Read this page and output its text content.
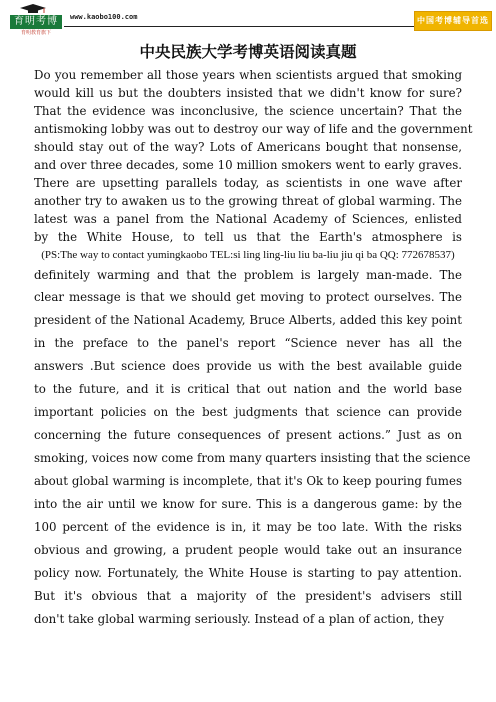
育明考博
育明教育旗下
www.kaobo100.com	中国考博辅导首选学校
中央民族大学考博英语阅读真题
Do you remember all those years when scientists argued that smoking
would kill us but the doubters insisted that we didn't know for sure?
That the evidence was inconclusive, the science uncertain? That the
antismoking lobby was out to destroy our way of life and the government
should stay out of the way? Lots of Americans bought that nonsense,
and over three decades, some 10 million smokers went to early graves.
There are upsetting parallels today, as scientists in one wave after
another try to awaken us to the growing threat of global warming. The
latest was a panel from the National Academy of Sciences, enlisted
by the White House, to tell us that the Earth's atmosphere is
(PS:The way to contact yumingkaobo TEL:si ling ling-liu liu ba-liu jiu qi ba QQ: 772678537)
definitely warming and that the problem is largely man-made. The
clear message is that we should get moving to protect ourselves. The
president of the National Academy, Bruce Alberts, added this key point
in the preface to the panel's report “Science never has all the
answers .But science does provide us with the best available guide
to the future, and it is critical that out nation and the world base
important policies on the best judgments that science can provide
concerning the future consequences of present actions.” Just as on
smoking, voices now come from many quarters insisting that the science
about global warming is incomplete, that it's Ok to keep pouring fumes
into the air until we know for sure. This is a dangerous game: by the
100 percent of the evidence is in, it may be too late. With the risks
obvious and growing, a prudent people would take out an insurance
policy now. Fortunately, the White House is starting to pay attention.
But it's obvious that a majority of the president's advisers still
don't take global warming seriously. Instead of a plan of action, they
